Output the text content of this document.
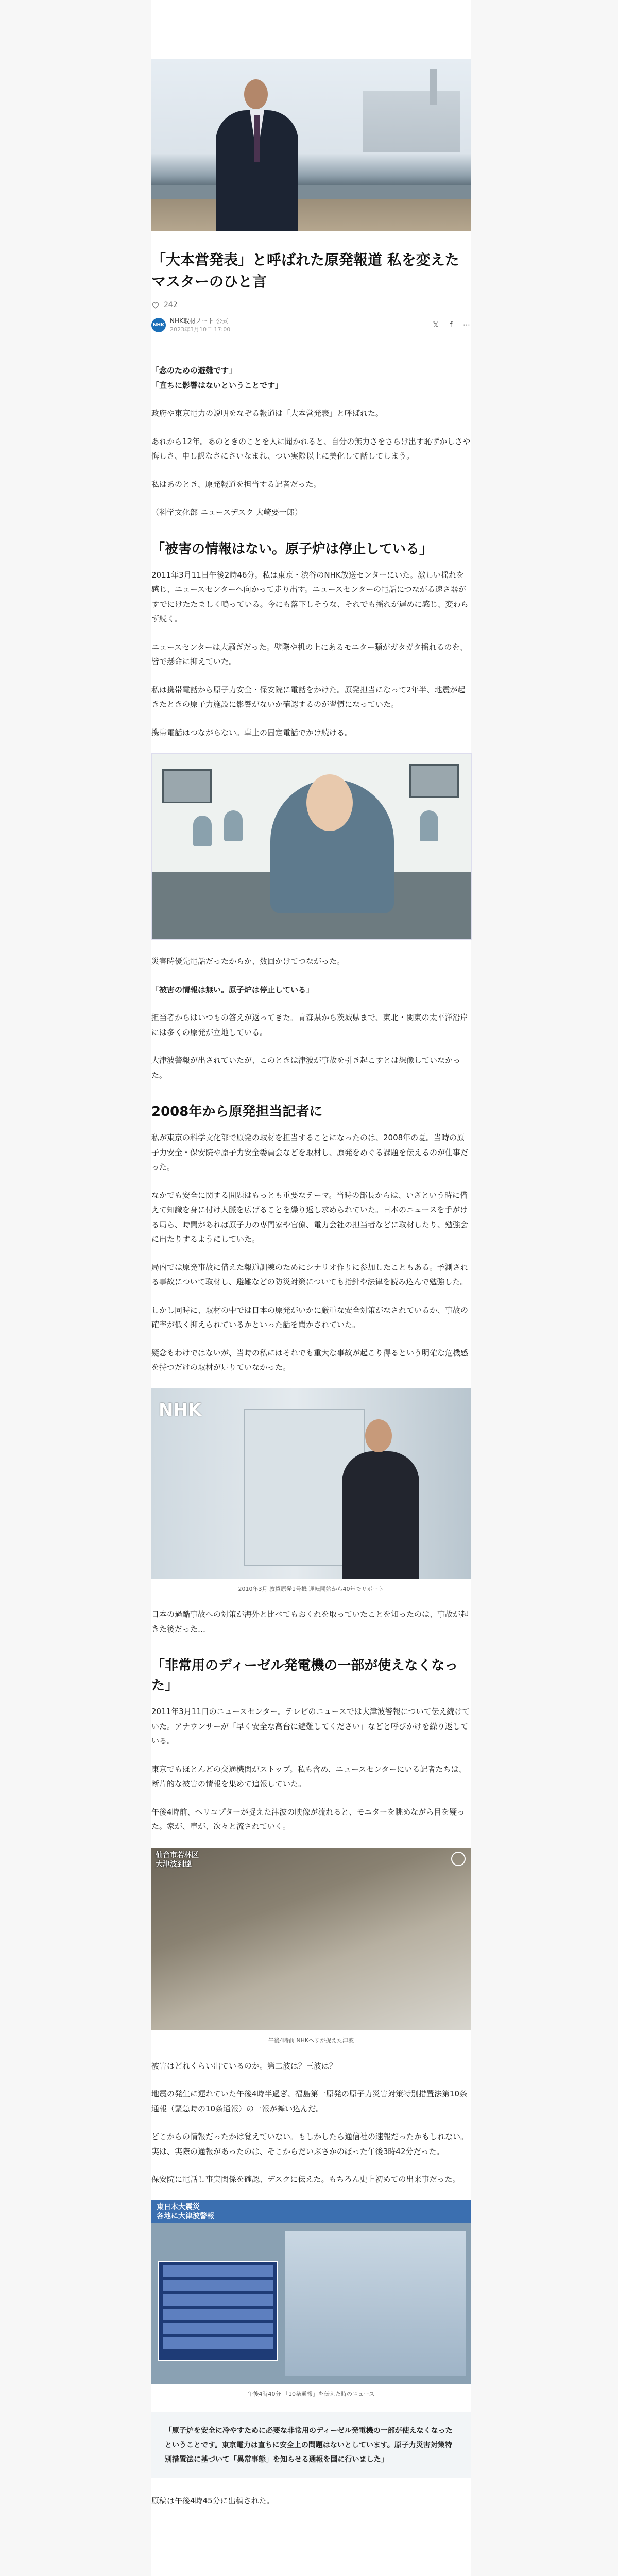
「大本営発表」と呼ばれた原発報道 私を変えたマスターのひと言
242
NHK
NHK取材ノート 公式
2023年3月10日 17:00
𝕏	f	⋯

「念のための避難です」
「直ちに影響はないということです」

政府や東京電力の説明をなぞる報道は「大本営発表」と呼ばれた。

あれから12年。あのときのことを人に聞かれると、自分の無力さをさらけ出す恥ずかしさや悔しさ、申し訳なさにさいなまれ、つい実際以上に美化して話してしまう。

私はあのとき、原発報道を担当する記者だった。

（科学文化部 ニュースデスク 大崎要一郎）

「被害の情報はない。原子炉は停止している」

2011年3月11日午後2時46分。私は東京・渋谷のNHK放送センターにいた。激しい揺れを感じ、ニュースセンターへ向かって走り出す。ニュースセンターの電話につながる速さ器がすでにけたたましく鳴っている。今にも落下しそうな、それでも揺れが遅めに感じ、変わらず続く。

ニュースセンターは大騒ぎだった。壁際や机の上にあるモニター類がガタガタ揺れるのを、皆で懸命に抑えていた。

私は携帯電話から原子力安全・保安院に電話をかけた。原発担当になって2年半、地震が起きたときの原子力施設に影響がないか確認するのが習慣になっていた。

携帯電話はつながらない。卓上の固定電話でかけ続ける。

災害時優先電話だったからか、数回かけてつながった。

「被害の情報は無い。原子炉は停止している」

担当者からはいつもの答えが返ってきた。青森県から茨城県まで、東北・関東の太平洋沿岸には多くの原発が立地している。

大津波警報が出されていたが、このときは津波が事故を引き起こすとは想像していなかった。

2008年から原発担当記者に

私が東京の科学文化部で原発の取材を担当することになったのは、2008年の夏。当時の原子力安全・保安院や原子力安全委員会などを取材し、原発をめぐる課題を伝えるのが仕事だった。

なかでも安全に関する問題はもっとも重要なテーマ。当時の部長からは、いざという時に備えて知識を身に付け人脈を広げることを繰り返し求められていた。日本のニュースを手がける局ら、時間があれば原子力の専門家や官僚、電力会社の担当者などに取材したり、勉強会に出たりするようにしていた。

局内では原発事故に備えた報道訓練のためにシナリオ作りに参加したこともある。予測される事故について取材し、避難などの防災対策についても指針や法律を読み込んで勉強した。

しかし同時に、取材の中では日本の原発がいかに厳重な安全対策がなされているか、事故の確率が低く抑えられているかといった話を聞かされていた。

疑念もわけではないが、当時の私にはそれでも重大な事故が起こり得るという明確な危機感を持つだけの取材が足りていなかった。

NHK
2010年3月 敦賀原発1号機 運転開始から40年でリポート

日本の過酷事故への対策が海外と比べてもおくれを取っていたことを知ったのは、事故が起きた後だった…

「非常用のディーゼル発電機の一部が使えなくなった」

2011年3月11日のニュースセンター。テレビのニュースでは大津波警報について伝え続けていた。アナウンサーが「早く安全な高台に避難してください」などと呼びかけを繰り返している。

東京でもほとんどの交通機関がストップ。私も含め、ニュースセンターにいる記者たちは、断片的な被害の情報を集めて追報していた。

午後4時前、ヘリコプターが捉えた津波の映像が流れると、モニターを眺めながら目を疑った。家が、車が、次々と流されていく。

仙台市若林区
大津波到達
午後4時前 NHKヘリが捉えた津波

被害はどれくらい出ているのか。第二波は？三波は？

地震の発生に遅れていた午後4時半過ぎ、福島第一原発の原子力災害対策特別措置法第10条通報（緊急時の10条通報）の一報が舞い込んだ。

どこからの情報だったかは覚えていない。もしかしたら通信社の速報だったかもしれない。実は、実際の通報があったのは、そこからだいぶさかのぼった午後3時42分だった。

保安院に電話し事実関係を確認、デスクに伝えた。もちろん史上初めての出来事だった。

東日本大震災
各地に大津波警報
午後4時40分 「10条通報」を伝えた時のニュース
「原子炉を安全に冷やすために必要な非常用のディーゼル発電機の一部が使えなくなったということです。東京電力は直ちに安全上の問題はないとしています。原子力災害対策特別措置法に基づいて「異常事態」を知らせる通報を国に行いました」

原稿は午後4時45分に出稿された。
